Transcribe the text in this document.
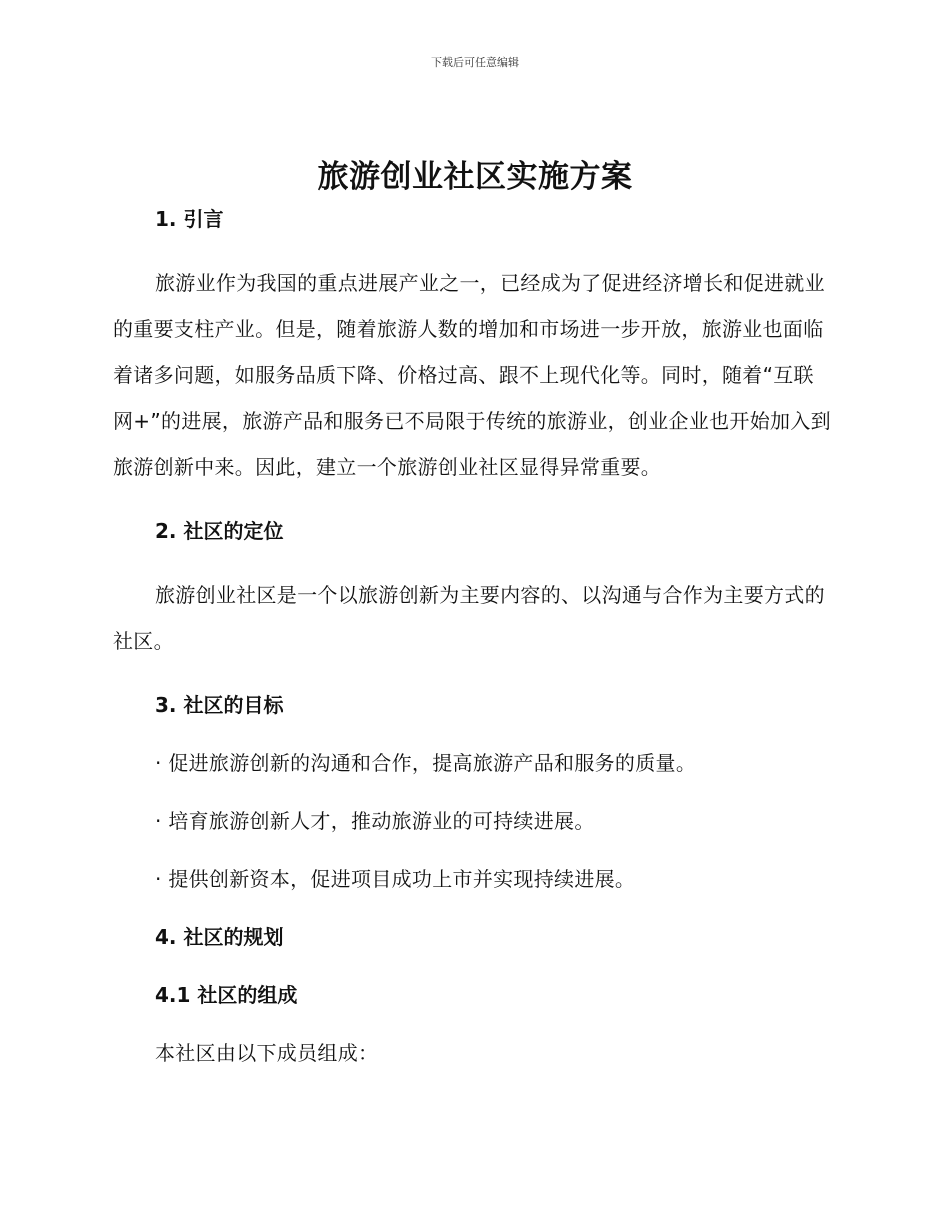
下载后可任意编辑
旅游创业社区实施方案

1. 引言

旅游业作为我国的重点进展产业之一，已经成为了促进经济增长和促进就业的重要支柱产业。但是，随着旅游人数的增加和市场进一步开放，旅游业也面临着诸多问题，如服务品质下降、价格过高、跟不上现代化等。同时，随着“互联网+”的进展，旅游产品和服务已不局限于传统的旅游业，创业企业也开始加入到旅游创新中来。因此，建立一个旅游创业社区显得异常重要。

2. 社区的定位

旅游创业社区是一个以旅游创新为主要内容的、以沟通与合作为主要方式的社区。

3. 社区的目标

· 促进旅游创新的沟通和合作，提高旅游产品和服务的质量。

· 培育旅游创新人才，推动旅游业的可持续进展。

· 提供创新资本，促进项目成功上市并实现持续进展。

4. 社区的规划

4.1 社区的组成

本社区由以下成员组成：
